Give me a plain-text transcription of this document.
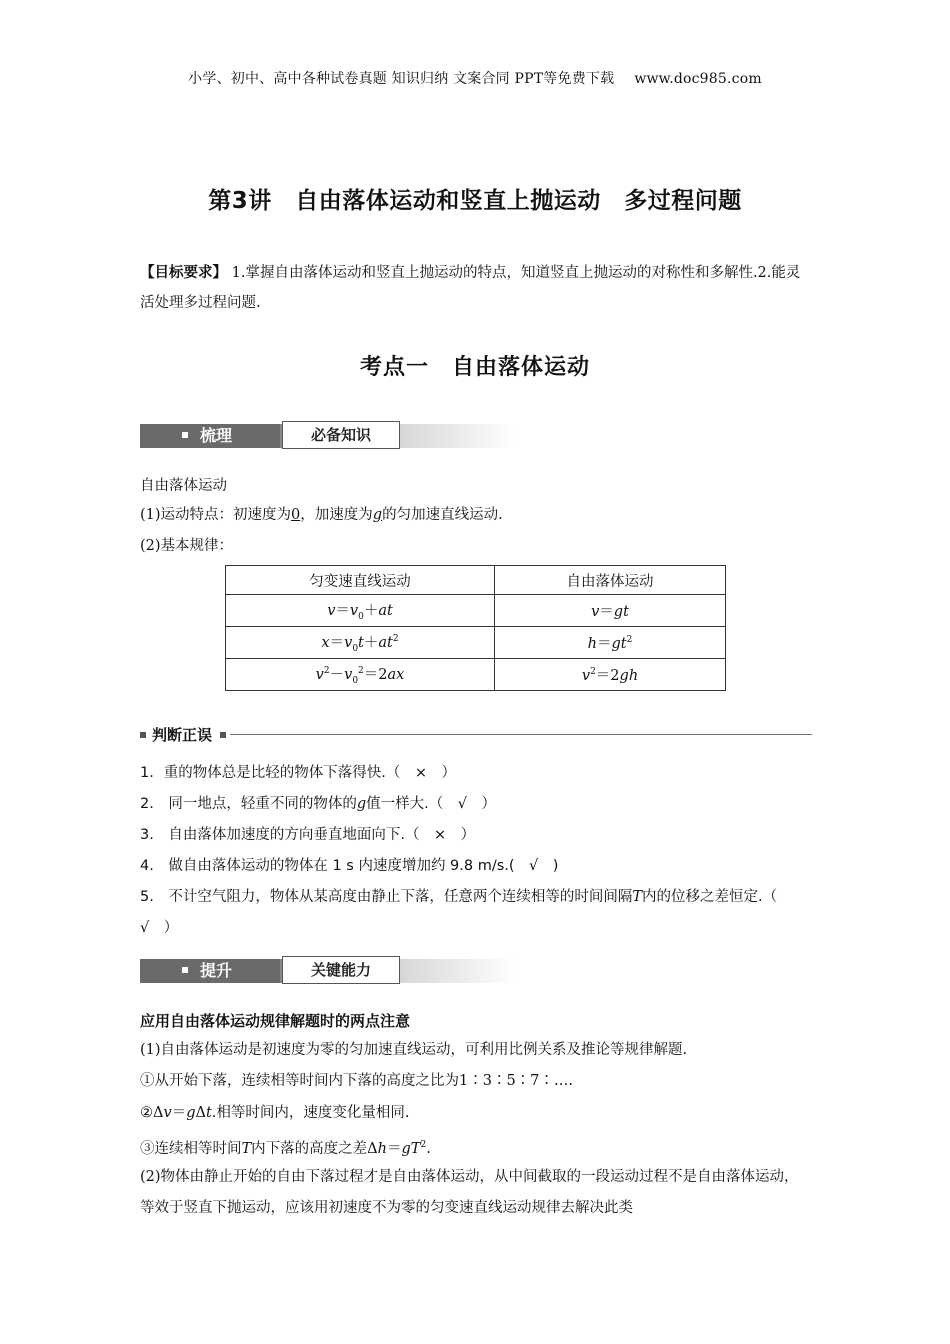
小学、初中、高中各种试卷真题 知识归纳 文案合同 PPT等免费下载 www.doc985.com
第3讲　自由落体运动和竖直上抛运动　多过程问题
【目标要求】 1.掌握自由落体运动和竖直上抛运动的特点，知道竖直上抛运动的对称性和多解性.2.能灵活处理多过程问题.
考点一　自由落体运动
梳理	必备知识
自由落体运动
(1)运动特点：初速度为0，加速度为g的匀加速直线运动.
(2)基本规律：
匀变速直线运动	自由落体运动
$v=v_0+at$	v＝gt
$x=v_0t+at^2$	$h=gt^2$
$v^2-v_0^2=2ax$	$v^2=2gh$
判断正误
1．重的物体总是比轻的物体下落得快.（　×　）
2.　同一地点，轻重不同的物体的g值一样大.（　√　）
3.　自由落体加速度的方向垂直地面向下.（　×　）
4.　做自由落体运动的物体在 1 s 内速度增加约 9.8 m/s.(　√　)
5.　不计空气阻力，物体从某高度由静止下落，任意两个连续相等的时间间隔T内的位移之差恒定.（　√　）
提升	关键能力
应用自由落体运动规律解题时的两点注意
(1)自由落体运动是初速度为零的匀加速直线运动，可利用比例关系及推论等规律解题.
①从开始下落，连续相等时间内下落的高度之比为1∶3∶5∶7∶….
②Δv＝gΔt.相等时间内，速度变化量相同.
③连续相等时间T内下落的高度之差$\Delta h=gT^2$.
(2)物体由静止开始的自由下落过程才是自由落体运动，从中间截取的一段运动过程不是自由落体运动，等效于竖直下抛运动，应该用初速度不为零的匀变速直线运动规律去解决此类
